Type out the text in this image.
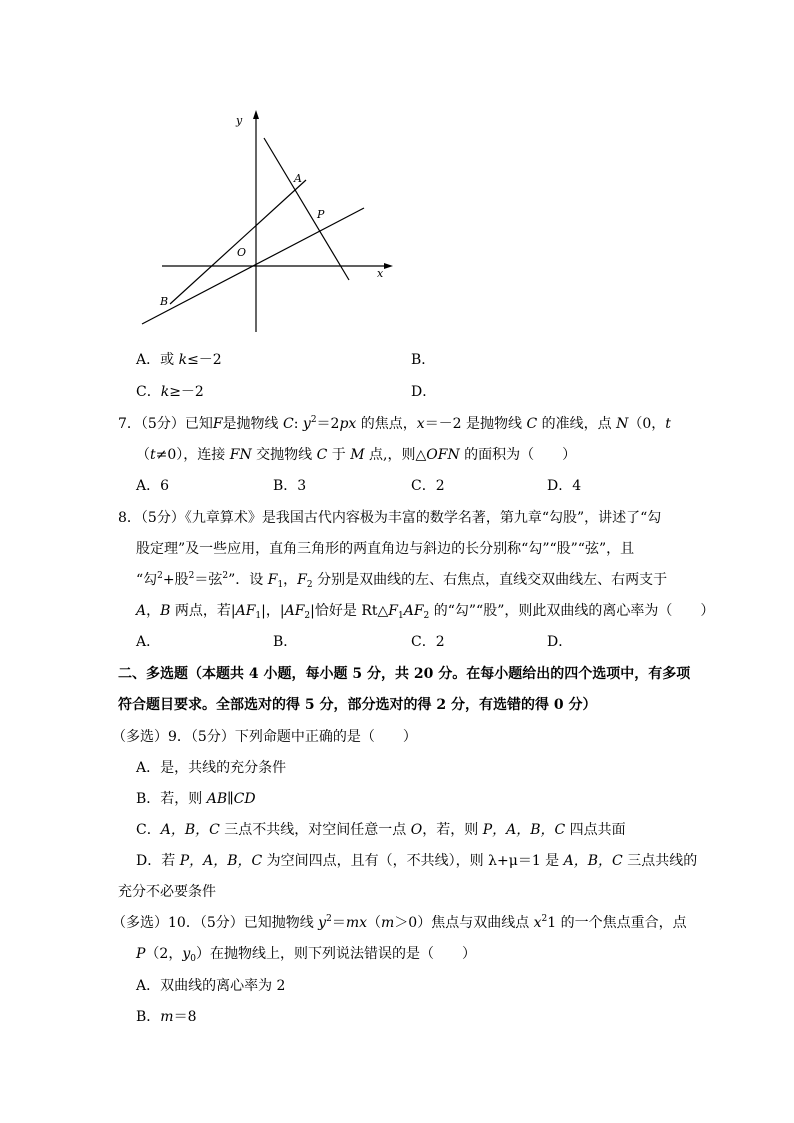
y
x
A
P
O
B
A．或 k≤－2	B．
C．k≥－2	D．
7．（5分）已知F是抛物线 C: $y^2=2px$ 的焦点，x＝－2 是抛物线 C 的准线，点 N（0，t
（t≠0），连接 FN 交抛物线 C 于 M 点,，则△OFN 的面积为（　　）
A．6	B．3	C．2	D．4
8．（5分）《九章算术》是我国古代内容极为丰富的数学名著，第九章“勾股”，讲述了“勾
股定理”及一些应用，直角三角形的两直角边与斜边的长分别称“勾”“股”“弦”，且
“勾$^2$+股$^2$＝弦$^2$”．设 $F_1$，$F_2$ 分别是双曲线的左、右焦点，直线交双曲线左、右两支于
A，B 两点，若$|AF_1|$，$|AF_2|$恰好是 $Rt\triangle F_1AF_2$ 的“勾”“股”，则此双曲线的离心率为（　　）
A．	B．	C．2	D．
二、多选题（本题共 4 小题，每小题 5 分，共 20 分。在每小题给出的四个选项中，有多项
符合题目要求。全部选对的得 5 分，部分选对的得 2 分，有选错的得 0 分）
（多选）9．（5分）下列命题中正确的是（　　）
A．是，共线的充分条件
B．若，则 AB∥CD
C．A，B，C 三点不共线，对空间任意一点 O，若，则 P，A，B，C 四点共面
D．若 P，A，B，C 为空间四点，且有（，不共线），则 λ+μ＝1 是 A，B，C 三点共线的
充分不必要条件
（多选）10．（5分）已知抛物线 $y^2=mx(m>0)$焦点与双曲线点 $x^21$ 的一个焦点重合，点
P（2，$y_0$）在抛物线上，则下列说法错误的是（　　）
A．双曲线的离心率为 2
B．m＝8
